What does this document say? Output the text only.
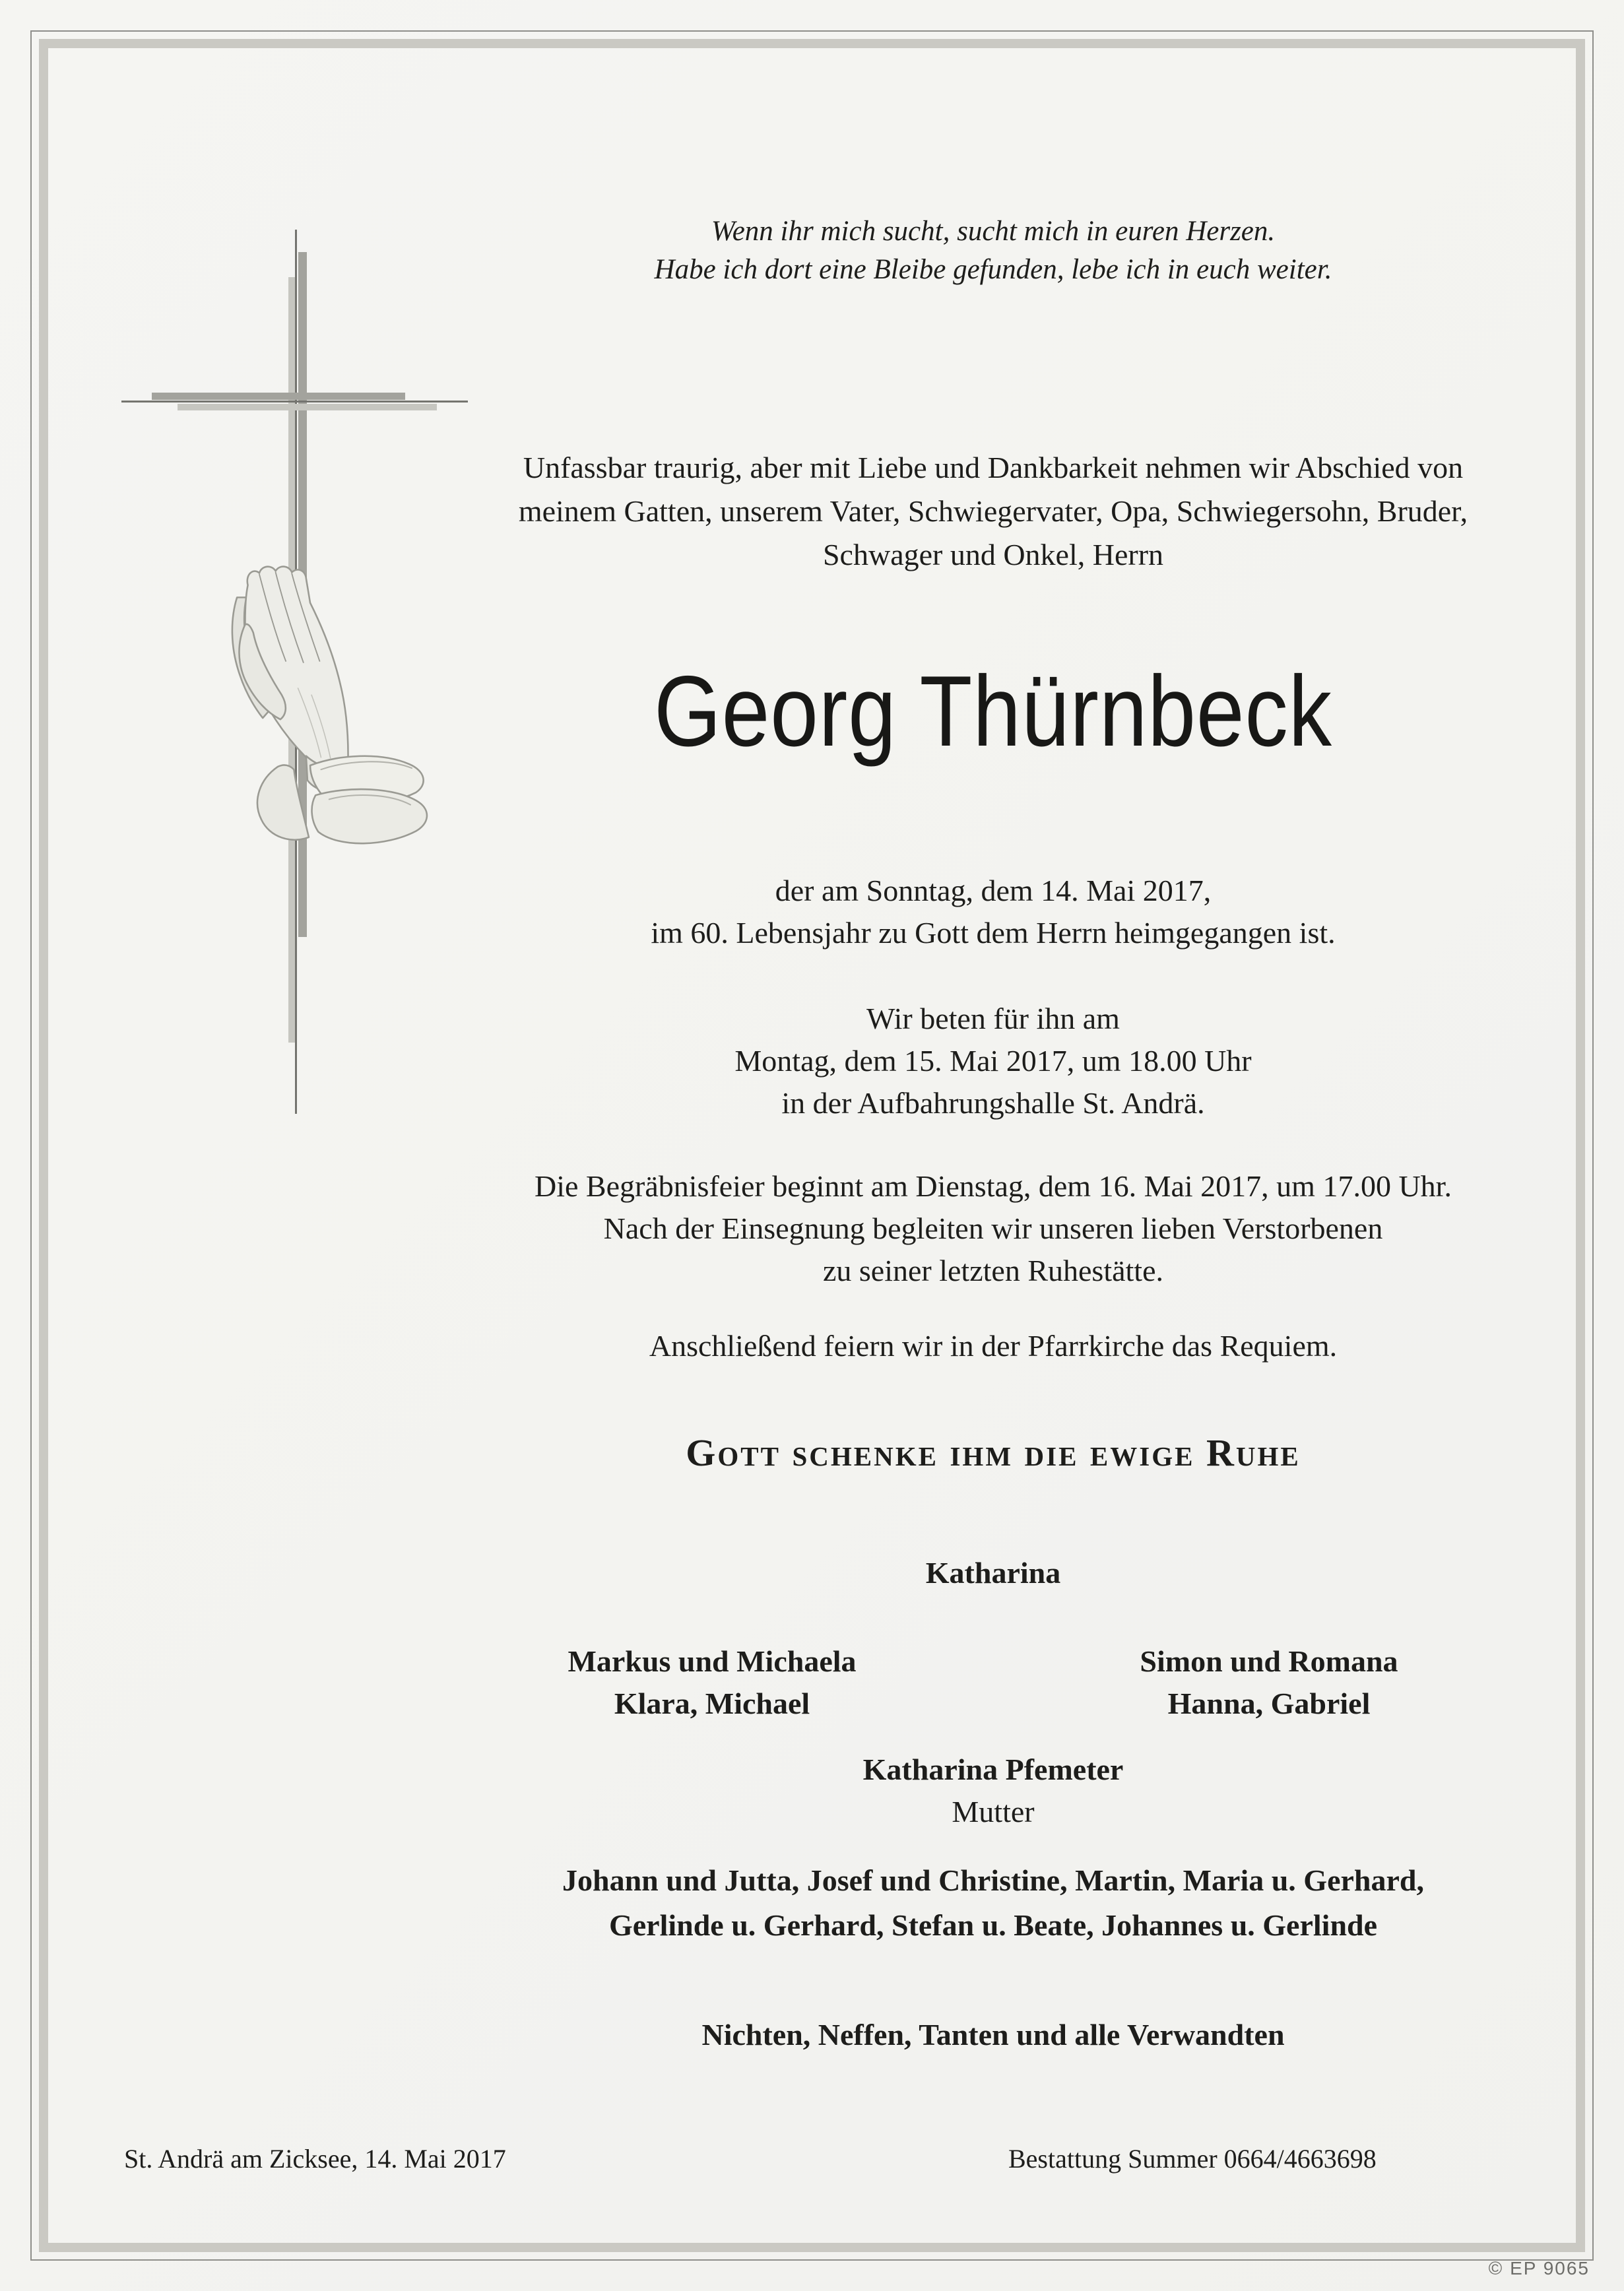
Wenn ihr mich sucht, sucht mich in euren Herzen.
Habe ich dort eine Bleibe gefunden, lebe ich in euch weiter.
Unfassbar traurig, aber mit Liebe und Dankbarkeit nehmen wir Abschied von
meinem Gatten, unserem Vater, Schwiegervater, Opa, Schwiegersohn, Bruder,
Schwager und Onkel, Herrn
Georg Thürnbeck
der am Sonntag, dem 14. Mai 2017,
im 60. Lebensjahr zu Gott dem Herrn heimgegangen ist.
Wir beten für ihn am
Montag, dem 15. Mai 2017, um 18.00 Uhr
in der Aufbahrungshalle St. Andrä.
Die Begräbnisfeier beginnt am Dienstag, dem 16. Mai 2017, um 17.00 Uhr.
Nach der Einsegnung begleiten wir unseren lieben Verstorbenen
zu seiner letzten Ruhestätte.
Anschließend feiern wir in der Pfarrkirche das Requiem.
Gott schenke ihm die ewige Ruhe
Katharina
Markus und Michaela
Klara, Michael
Simon und Romana
Hanna, Gabriel
Katharina Pfemeter
Mutter
Johann und Jutta, Josef und Christine, Martin, Maria u. Gerhard,
Gerlinde u. Gerhard, Stefan u. Beate, Johannes u. Gerlinde
Nichten, Neffen, Tanten und alle Verwandten
St. Andrä am Zicksee, 14. Mai 2017	Bestattung Summer 0664/4663698
© EP 9065
